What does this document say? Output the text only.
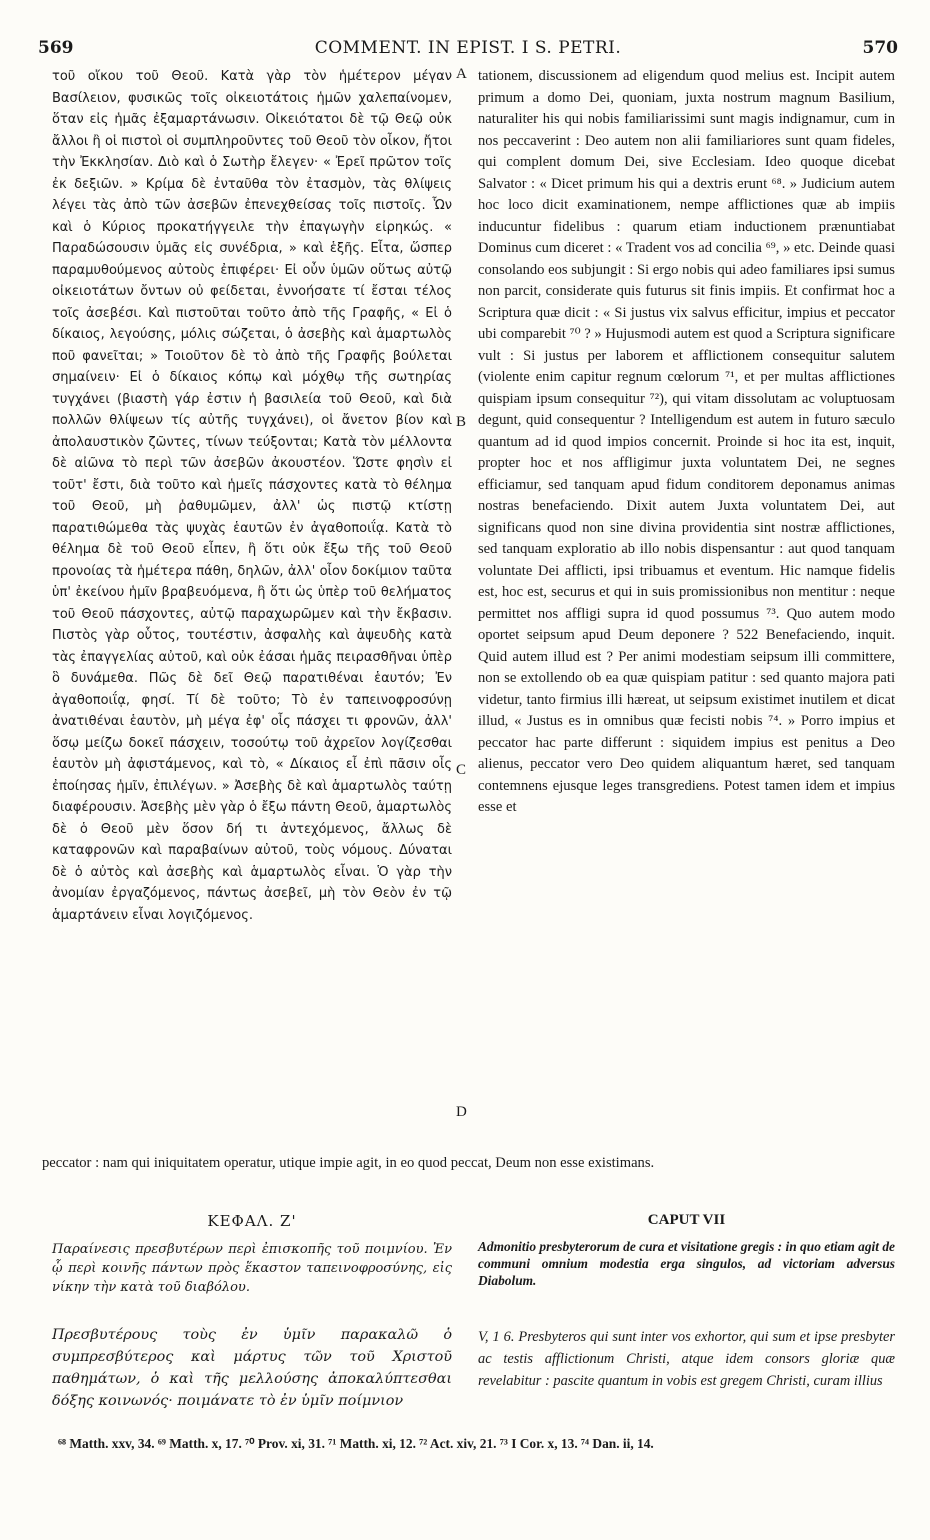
569	COMMENT. IN EPIST. I S. PETRI.	570

τοῦ οἴκου τοῦ Θεοῦ. Κατὰ γὰρ τὸν ἡμέτερον μέγαν Βασίλειον, φυσικῶς τοῖς οἰκειοτάτοις ἡμῶν χαλεπαίνομεν, ὅταν εἰς ἡμᾶς ἐξαμαρτάνωσιν. Οἰκειότατοι δὲ τῷ Θεῷ οὐκ ἄλλοι ἢ οἱ πιστοὶ οἱ συμπληροῦντες τοῦ Θεοῦ τὸν οἶκον, ἤτοι τὴν Ἐκκλησίαν. Διὸ καὶ ὁ Σωτὴρ ἔλεγεν· « Ἐρεῖ πρῶτον τοῖς ἐκ δεξιῶν. » Κρίμα δὲ ἐνταῦθα τὸν ἐτασμὸν, τὰς θλίψεις λέγει τὰς ἀπὸ τῶν ἀσεβῶν ἐπενεχθείσας τοῖς πιστοῖς. Ὧν καὶ ὁ Κύριος προκατήγγειλε τὴν ἐπαγωγὴν εἰρηκώς. « Παραδώσουσιν ὑμᾶς εἰς συνέδρια, » καὶ ἑξῆς. Εἶτα, ὥσπερ παραμυθούμενος αὐτοὺς ἐπιφέρει· Εἰ οὖν ὑμῶν οὕτως αὐτῷ οἰκειοτάτων ὄντων οὐ φείδεται, ἐννοήσατε τί ἔσται τέλος τοῖς ἀσεβέσι. Καὶ πιστοῦται τοῦτο ἀπὸ τῆς Γραφῆς, « Εἰ ὁ δίκαιος, λεγούσης, μόλις σώζεται, ὁ ἀσεβὴς καὶ ἁμαρτωλὸς ποῦ φανεῖται; » Τοιοῦτον δὲ τὸ ἀπὸ τῆς Γραφῆς βούλεται σημαίνειν· Εἰ ὁ δίκαιος κόπῳ καὶ μόχθῳ τῆς σωτηρίας τυγχάνει (βιαστὴ γάρ ἐστιν ἡ βασιλεία τοῦ Θεοῦ, καὶ διὰ πολλῶν θλίψεων τίς αὐτῆς τυγχάνει), οἱ ἄνετον βίον καὶ ἀπολαυστικὸν ζῶντες, τίνων τεύξονται; Κατὰ τὸν μέλλοντα δὲ αἰῶνα τὸ περὶ τῶν ἀσεβῶν ἀκουστέον. Ὥστε φησὶν εἰ τοῦτ' ἔστι, διὰ τοῦτο καὶ ἡμεῖς πάσχοντες κατὰ τὸ θέλημα τοῦ Θεοῦ, μὴ ῥαθυμῶμεν, ἀλλ' ὡς πιστῷ κτίστῃ παρατιθώμεθα τὰς ψυχὰς ἑαυτῶν ἐν ἀγαθοποιΐᾳ. Κατὰ τὸ θέλημα δὲ τοῦ Θεοῦ εἶπεν, ἢ ὅτι οὐκ ἔξω τῆς τοῦ Θεοῦ προνοίας τὰ ἡμέτερα πάθη, δηλῶν, ἀλλ' οἷον δοκίμιον ταῦτα ὑπ' ἐκείνου ἡμῖν βραβευόμενα, ἢ ὅτι ὡς ὑπὲρ τοῦ θελήματος τοῦ Θεοῦ πάσχοντες, αὐτῷ παραχωρῶμεν καὶ τὴν ἔκβασιν. Πιστὸς γὰρ οὗτος, τουτέστιν, ἀσφαλὴς καὶ ἀψευδὴς κατὰ τὰς ἐπαγγελίας αὐτοῦ, καὶ οὐκ ἐάσαι ἡμᾶς πειρασθῆναι ὑπὲρ ὃ δυνάμεθα. Πῶς δὲ δεῖ Θεῷ παρατιθέναι ἑαυτόν; Ἐν ἀγαθοποιΐᾳ, φησί. Τί δὲ τοῦτο; Τὸ ἐν ταπεινοφροσύνῃ ἀνατιθέναι ἑαυτὸν, μὴ μέγα ἐφ' οἷς πάσχει τι φρονῶν, ἀλλ' ὅσῳ μείζω δοκεῖ πάσχειν, τοσούτῳ τοῦ ἀχρεῖον λογίζεσθαι ἑαυτὸν μὴ ἀφιστάμενος, καὶ τὸ, « Δίκαιος εἶ ἐπὶ πᾶσιν οἷς ἐποίησας ἡμῖν, ἐπιλέγων. » Ἀσεβὴς δὲ καὶ ἁμαρτωλὸς ταύτῃ διαφέρουσιν. Ἀσεβὴς μὲν γὰρ ὁ ἔξω πάντη Θεοῦ, ἁμαρτωλὸς δὲ ὁ Θεοῦ μὲν ὅσον δή τι ἀντεχόμενος, ἄλλως δὲ καταφρονῶν καὶ παραβαίνων αὐτοῦ, τοὺς νόμους. Δύναται δὲ ὁ αὐτὸς καὶ ἀσεβὴς καὶ ἁμαρτωλὸς εἶναι. Ὁ γὰρ τὴν ἀνομίαν ἐργαζόμενος, πάντως ἀσεβεῖ, μὴ τὸν Θεὸν ἐν τῷ ἁμαρτάνειν εἶναι λογιζόμενος.

A
B
C
D

tationem, discussionem ad eligendum quod melius est. Incipit autem primum a domo Dei, quoniam, juxta nostrum magnum Basilium, naturaliter his qui nobis familiarissimi sunt magis indignamur, cum in nos peccaverint : Deo autem non alii familiariores sunt quam fideles, qui complent domum Dei, sive Ecclesiam. Ideo quoque dicebat Salvator : « Dicet primum his qui a dextris erunt ⁶⁸. » Judicium autem hoc loco dicit examinationem, nempe afflictiones quæ ab impiis inducuntur fidelibus : quarum etiam inductionem prænuntiabat Dominus cum diceret : « Tradent vos ad concilia ⁶⁹, » etc. Deinde quasi consolando eos subjungit : Si ergo nobis qui adeo familiares ipsi sumus non parcit, considerate quis futurus sit finis impiis. Et confirmat hoc a Scriptura quæ dicit : « Si justus vix salvus efficitur, impius et peccator ubi comparebit ⁷⁰ ? » Hujusmodi autem est quod a Scriptura significare vult : Si justus per laborem et afflictionem consequitur salutem (violente enim capitur regnum cœlorum ⁷¹, et per multas afflictiones quispiam ipsum consequitur ⁷²), qui vitam dissolutam ac voluptuosam degunt, quid consequentur ? Intelligendum est autem in futuro sæculo quantum ad id quod impios concernit. Proinde si hoc ita est, inquit, propter hoc et nos affligimur juxta voluntatem Dei, ne segnes efficiamur, sed tanquam apud fidum conditorem deponamus animas nostras benefaciendo. Dixit autem Juxta voluntatem Dei, aut significans quod non sine divina providentia sint nostræ afflictiones, sed tanquam exploratio ab illo nobis dispensantur : aut quod tanquam voluntate Dei afflicti, ipsi tribuamus et eventum. Hic namque fidelis est, hoc est, securus et qui in suis promissionibus non mentitur : neque permittet nos affligi supra id quod possumus ⁷³. Quo autem modo oportet seipsum apud Deum deponere ? 522 Benefaciendo, inquit. Quid autem illud est ? Per animi modestiam seipsum illi committere, non se extollendo ob ea quæ quispiam patitur : sed quanto majora pati videtur, tanto firmius illi hæreat, ut seipsum existimet inutilem et dicat illud, « Justus es in omnibus quæ fecisti nobis ⁷⁴. » Porro impius et peccator hac parte differunt : siquidem impius est penitus a Deo alienus, peccator vero Deo quidem aliquantum hæret, sed tanquam contemnens ejusque leges transgrediens. Potest tamen idem et impius esse et

peccator : nam qui iniquitatem operatur, utique impie agit, in eo quod peccat, Deum non esse existimans.
ΚΕΦΑΛ. Ζ'	CAPUT VII
Παραίνεσις πρεσβυτέρων περὶ ἐπισκοπῆς τοῦ ποιμνίου. Ἐν ᾧ περὶ κοινῆς πάντων πρὸς ἕκαστον ταπεινοφροσύνης, εἰς νίκην τὴν κατὰ τοῦ διαβόλου.
Admonitio presbyterorum de cura et visitatione gregis : in quo etiam agit de communi omnium modestia erga singulos, ad victoriam adversus Diabolum.
Πρεσβυτέρους τοὺς ἐν ὑμῖν παρακαλῶ ὁ συμπρεσβύτερος καὶ μάρτυς τῶν τοῦ Χριστοῦ παθημάτων, ὁ καὶ τῆς μελλούσης ἀποκαλύπτεσθαι δόξης κοινωνός· ποιμάνατε τὸ ἐν ὑμῖν ποίμνιον
V, 1 6. Presbyteros qui sunt inter vos exhortor, qui sum et ipse presbyter ac testis afflictionum Christi, atque idem consors gloriæ quæ revelabitur : pascite quantum in vobis est gregem Christi, curam illius
⁶⁸ Matth. xxv, 34. ⁶⁹ Matth. x, 17. ⁷⁰ Prov. xi, 31. ⁷¹ Matth. xi, 12. ⁷² Act. xiv, 21. ⁷³ I Cor. x, 13. ⁷⁴ Dan. ii, 14.
